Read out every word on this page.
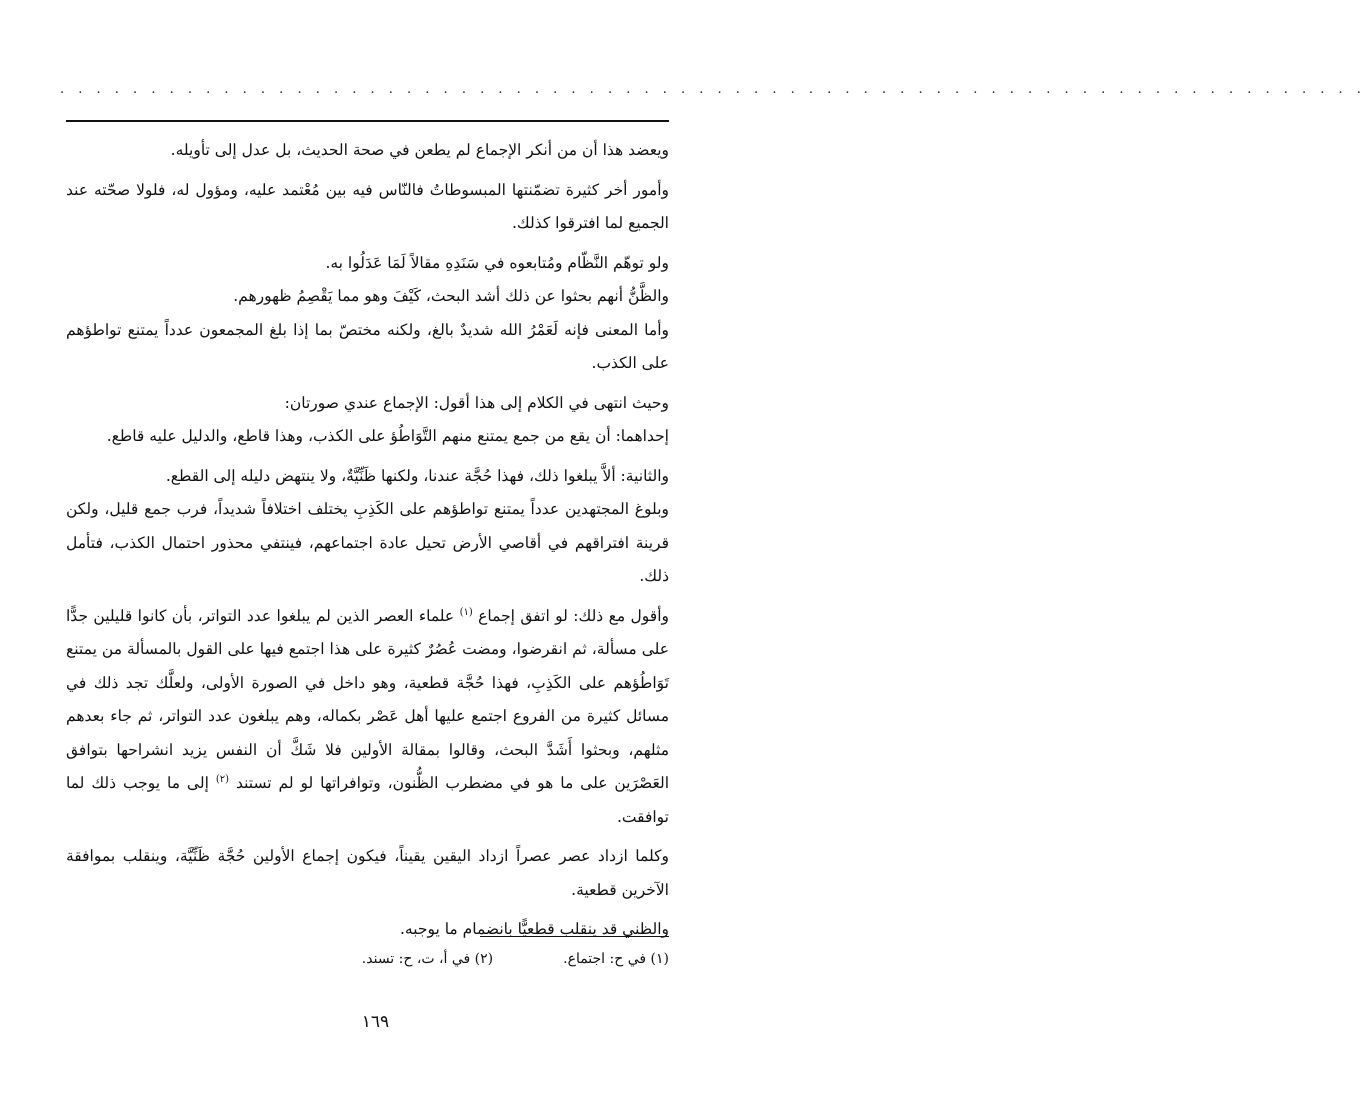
. . . . . . . . . . . . . . . . . . . . . . . . . . . . . . . . . . . . . . . . . . . . . . . . . . . . . . . . . . . . . . . . . . . . . . . .

ويعضد هذا أن من أنكر الإجماع لم يطعن في صحة الحديث، بل عدل إلى تأويله.

وأمور أخر كثيرة تضمّنتها المبسوطاتُ فالنّاس فيه بين مُعْتمد عليه، ومؤول له، فلولا صحّته عند الجميع لما افترقوا كذلك.

ولو توهّم النَّظّام ومُتابعوه في سَنَدِهِ مقالاً لَمَا عَدَلُوا به.

والظَّنُّ أنهم بحثوا عن ذلك أشد البحث، كَيْفَ وهو مما يَقْصِمُ ظهورهم.

وأما المعنى فإنه لَعَمْرُ الله شديدٌ بالغ، ولكنه مختصّ بما إذا بلغ المجمعون عدداً يمتنع تواطؤهم على الكذب.

وحيث انتهى في الكلام إلى هذا أقول: الإجماع عندي صورتان:

إحداهما: أن يقع من جمع يمتنع منهم التَّوَاطُؤ على الكذب، وهذا قاطع، والدليل عليه قاطع.

والثانية: ألاَّ يبلغوا ذلك، فهذا حُجَّة عندنا، ولكنها ظَنِّيَّةٌ، ولا ينتهض دليله إلى القطع.

وبلوغ المجتهدين عدداً يمتنع تواطؤهم على الكَذِبِ يختلف اختلافاً شديداً، فرب جمع قليل، ولكن قرينة افتراقهم في أقاصي الأرض تحيل عادة اجتماعهم، فينتفي محذور احتمال الكذب، فتأمل ذلك.

وأقول مع ذلك: لو اتفق إجماع $^{(١)}$ علماء العصر الذين لم يبلغوا عدد التواتر، بأن كانوا قليلين جدًّا على مسألة، ثم انقرضوا، ومضت عُصُرٌ كثيرة على هذا اجتمع فيها على القول بالمسألة من يمتنع تَوَاطُؤهم على الكَذِبِ، فهذا حُجَّة قطعية، وهو داخل في الصورة الأولى، ولعلَّك تجد ذلك في مسائل كثيرة من الفروع اجتمع عليها أهل عَصْر بكماله، وهم يبلغون عدد التواتر، ثم جاء بعدهم مثلهم، وبحثوا أَشَدَّ البحث، وقالوا بمقالة الأولين فلا شَكَّ أن النفس يزيد انشراحها بتوافق العَصْرَين على ما هو في مضطرب الظُّنون، وتوافراتها لو لم تستند $^{(٢)}$ إلى ما يوجب ذلك لما توافقت.

وكلما ازداد عصر عصراً ازداد اليقين يقيناً، فيكون إجماع الأولين حُجَّة ظَنِّيَّة، وينقلب بموافقة الآخرين قطعية.

والظني قد ينقلب قطعيًّا بانضمام ما يوجبه.

(١) في ح: اجتماع.
(٢) في أ، ت، ح: تسند.
١٦٩
